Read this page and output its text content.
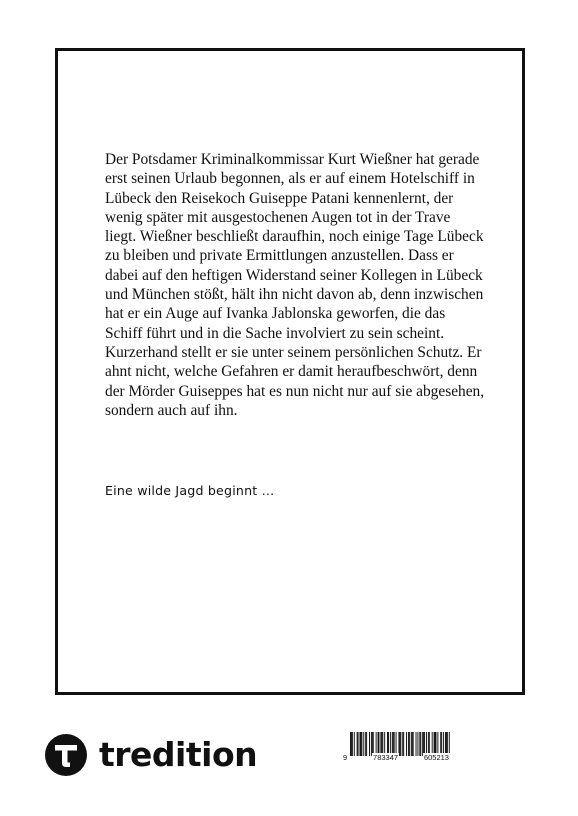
Der Potsdamer Kriminalkommissar Kurt Wießner hat gerade erst seinen Urlaub begonnen, als er auf einem Hotelschiff in Lübeck den Reisekoch Guiseppe Patani kennenlernt, der wenig später mit ausgestochenen Augen tot in der Trave liegt. Wießner beschließt daraufhin, noch einige Tage Lübeck zu bleiben und private Ermittlungen anzustellen. Dass er dabei auf den heftigen Widerstand seiner Kollegen in Lübeck und München stößt, hält ihn nicht davon ab, denn inzwischen hat er ein Auge auf Ivanka Jablonska geworfen, die das Schiff führt und in die Sache involviert zu sein scheint. Kurzerhand stellt er sie unter seinem persönlichen Schutz. Er ahnt nicht, welche Gefahren er damit heraufbeschwört, denn der Mörder Guiseppes hat es nun nicht nur auf sie abgesehen, sondern auch auf ihn.

Eine wilde Jagd beginnt …

tredition	9	783347	605213
